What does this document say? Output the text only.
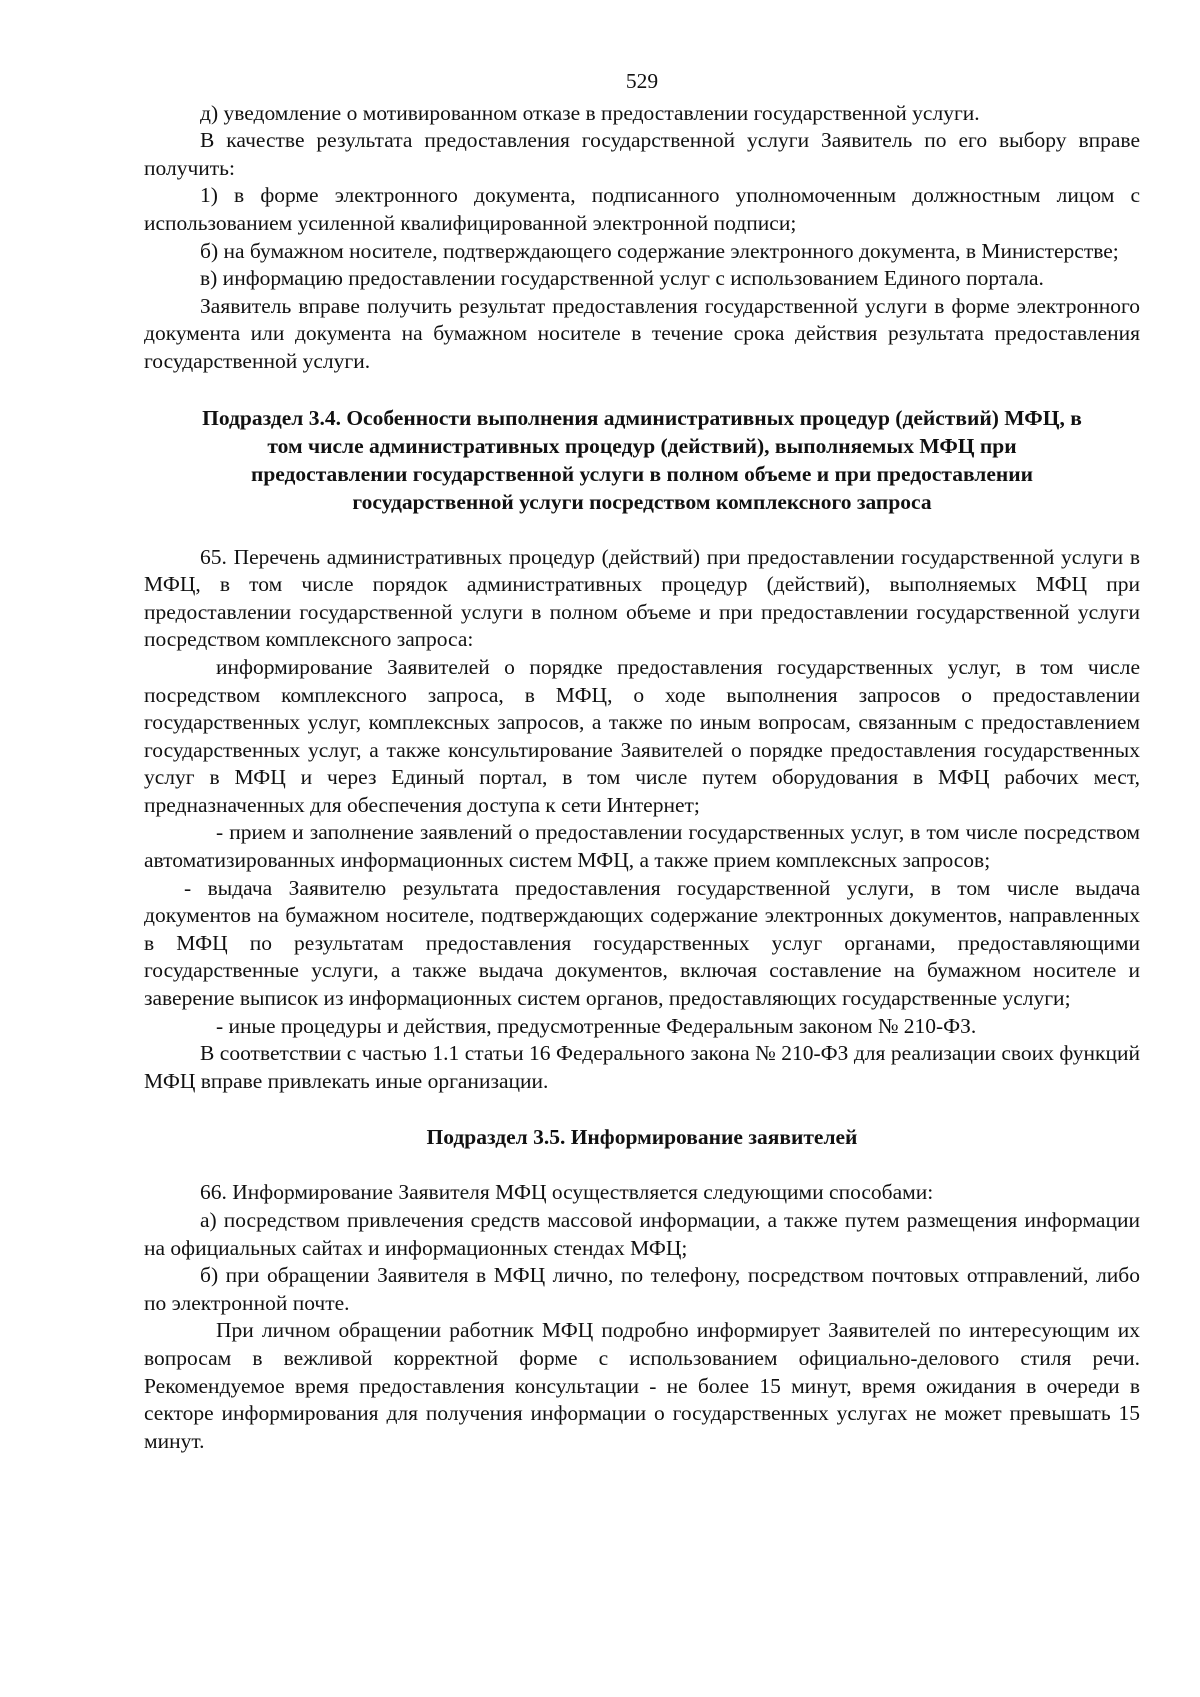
529

д) уведомление о мотивированном отказе в предоставлении государственной услуги.

В качестве результата предоставления государственной услуги Заявитель по его выбору вправе получить:

1) в форме электронного документа, подписанного уполномоченным должностным лицом с использованием усиленной квалифицированной электронной подписи;

б) на бумажном носителе, подтверждающего содержание электронного документа, в Министерстве;

в) информацию предоставлении государственной услуг с использованием Единого портала.

Заявитель вправе получить результат предоставления государственной услуги в форме электронного документа или документа на бумажном носителе в течение срока действия результата предоставления государственной услуги.

Подраздел 3.4. Особенности выполнения административных процедур (действий) МФЦ, в
том числе административных процедур (действий), выполняемых МФЦ при
предоставлении государственной услуги в полном объеме и при предоставлении
государственной услуги посредством комплексного запроса

65. Перечень административных процедур (действий) при предоставлении государственной услуги в МФЦ, в том числе порядок административных процедур (действий), выполняемых МФЦ при предоставлении государственной услуги в полном объеме и при предоставлении государственной услуги посредством комплексного запроса:

информирование Заявителей о порядке предоставления государственных услуг, в том числе посредством комплексного запроса, в МФЦ, о ходе выполнения запросов о предоставлении государственных услуг, комплексных запросов, а также по иным вопросам, связанным с предоставлением государственных услуг, а также консультирование Заявителей о порядке предоставления государственных услуг в МФЦ и через Единый портал, в том числе путем оборудования в МФЦ рабочих мест, предназначенных для обеспечения доступа к сети Интернет;

- прием и заполнение заявлений о предоставлении государственных услуг, в том числе посредством автоматизированных информационных систем МФЦ, а также прием комплексных запросов;

- выдача Заявителю результата предоставления государственной услуги, в том числе выдача документов на бумажном носителе, подтверждающих содержание электронных документов, направленных в МФЦ по результатам предоставления государственных услуг органами, предоставляющими государственные услуги, а также выдача документов, включая составление на бумажном носителе и заверение выписок из информационных систем органов, предоставляющих государственные услуги;

- иные процедуры и действия, предусмотренные Федеральным законом № 210-ФЗ.

В соответствии с частью 1.1 статьи 16 Федерального закона № 210-ФЗ для реализации своих функций МФЦ вправе привлекать иные организации.

Подраздел 3.5. Информирование заявителей

66. Информирование Заявителя МФЦ осуществляется следующими способами:

а) посредством привлечения средств массовой информации, а также путем размещения информации на официальных сайтах и информационных стендах МФЦ;

б) при обращении Заявителя в МФЦ лично, по телефону, посредством почтовых отправлений, либо по электронной почте.

При личном обращении работник МФЦ подробно информирует Заявителей по интересующим их вопросам в вежливой корректной форме с использованием официально-делового стиля речи. Рекомендуемое время предоставления консультации - не более 15 минут, время ожидания в очереди в секторе информирования для получения информации о государственных услугах не может превышать 15 минут.
